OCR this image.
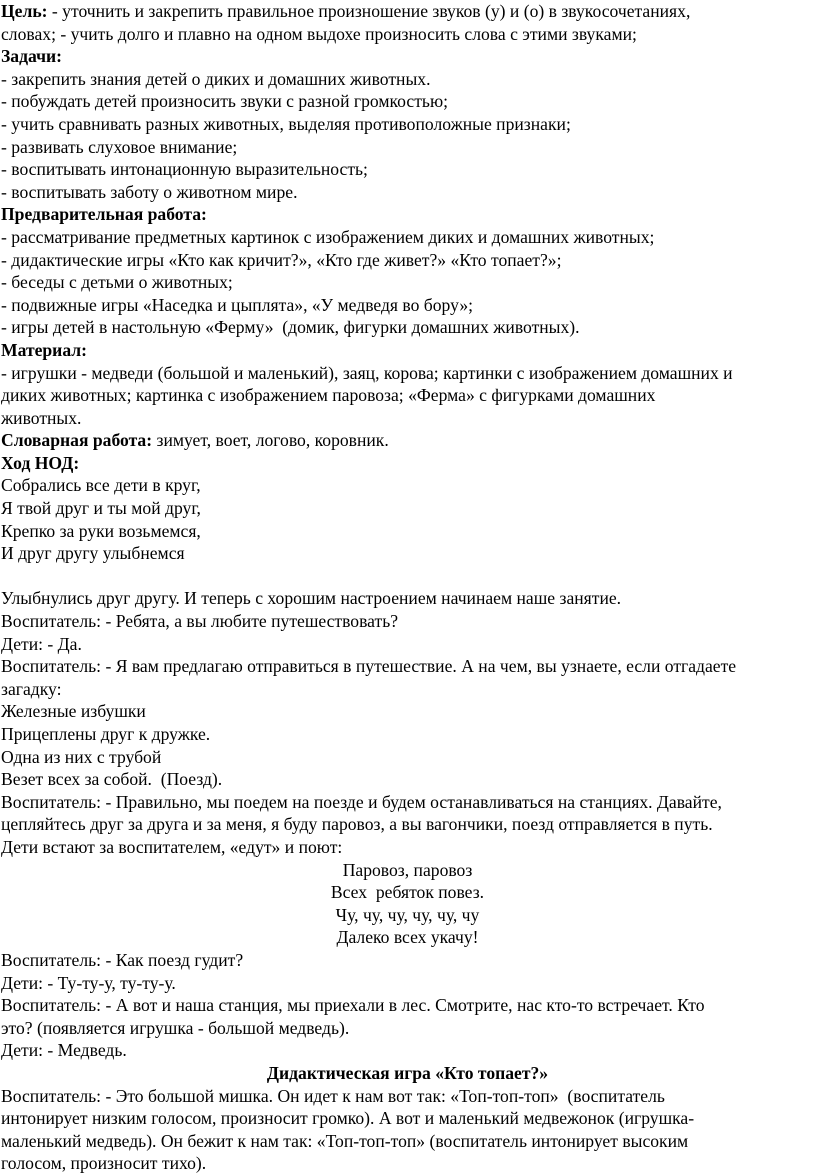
Цель: - уточнить и закрепить правильное произношение звуков (у) и (о) в звукосочетаниях,

словах; - учить долго и плавно на одном выдохе произносить слова с этими звуками;

Задачи:

- закрепить знания детей о диких и домашних животных.

- побуждать детей произносить звуки с разной громкостью;

- учить сравнивать разных животных, выделяя противоположные признаки;

- развивать слуховое внимание;

- воспитывать интонационную выразительность;

- воспитывать заботу о животном мире.

Предварительная работа:

- рассматривание предметных картинок с изображением диких и домашних животных;

- дидактические игры «Кто как кричит?», «Кто где живет?» «Кто топает?»;

- беседы с детьми о животных;

- подвижные игры «Наседка и цыплята», «У медведя во бору»;

- игры детей в настольную «Ферму»  (домик, фигурки домашних животных).

Материал:

- игрушки - медведи (большой и маленький), заяц, корова; картинки с изображением домашних и

диких животных; картинка с изображением паровоза; «Ферма» с фигурками домашних

животных.

Словарная работа: зимует, воет, логово, коровник.

Ход НОД:

Собрались все дети в круг,

Я твой друг и ты мой друг,

Крепко за руки возьмемся,

И друг другу улыбнемся

Улыбнулись друг другу. И теперь с хорошим настроением начинаем наше занятие.

Воспитатель: - Ребята, а вы любите путешествовать?

Дети: - Да.

Воспитатель: - Я вам предлагаю отправиться в путешествие. А на чем, вы узнаете, если отгадаете

загадку:

Железные избушки

Прицеплены друг к дружке.

Одна из них с трубой

Везет всех за собой.  (Поезд).

Воспитатель: - Правильно, мы поедем на поезде и будем останавливаться на станциях. Давайте,

цепляйтесь друг за друга и за меня, я буду паровоз, а вы вагончики, поезд отправляется в путь.

Дети встают за воспитателем, «едут» и поют:

Паровоз, паровоз

Всех  ребяток повез.

Чу, чу, чу, чу, чу, чу

Далеко всех укачу!

Воспитатель: - Как поезд гудит?

Дети: - Ту-ту-у, ту-ту-у.

Воспитатель: - А вот и наша станция, мы приехали в лес. Смотрите, нас кто-то встречает. Кто

это? (появляется игрушка - большой медведь).

Дети: - Медведь.

Дидактическая игра «Кто топает?»

Воспитатель: - Это большой мишка. Он идет к нам вот так: «Топ-топ-топ»  (воспитатель

интонирует низким голосом, произносит громко). А вот и маленький медвежонок (игрушка-

маленький медведь). Он бежит к нам так: «Топ-топ-топ» (воспитатель интонирует высоким

голосом, произносит тихо).
